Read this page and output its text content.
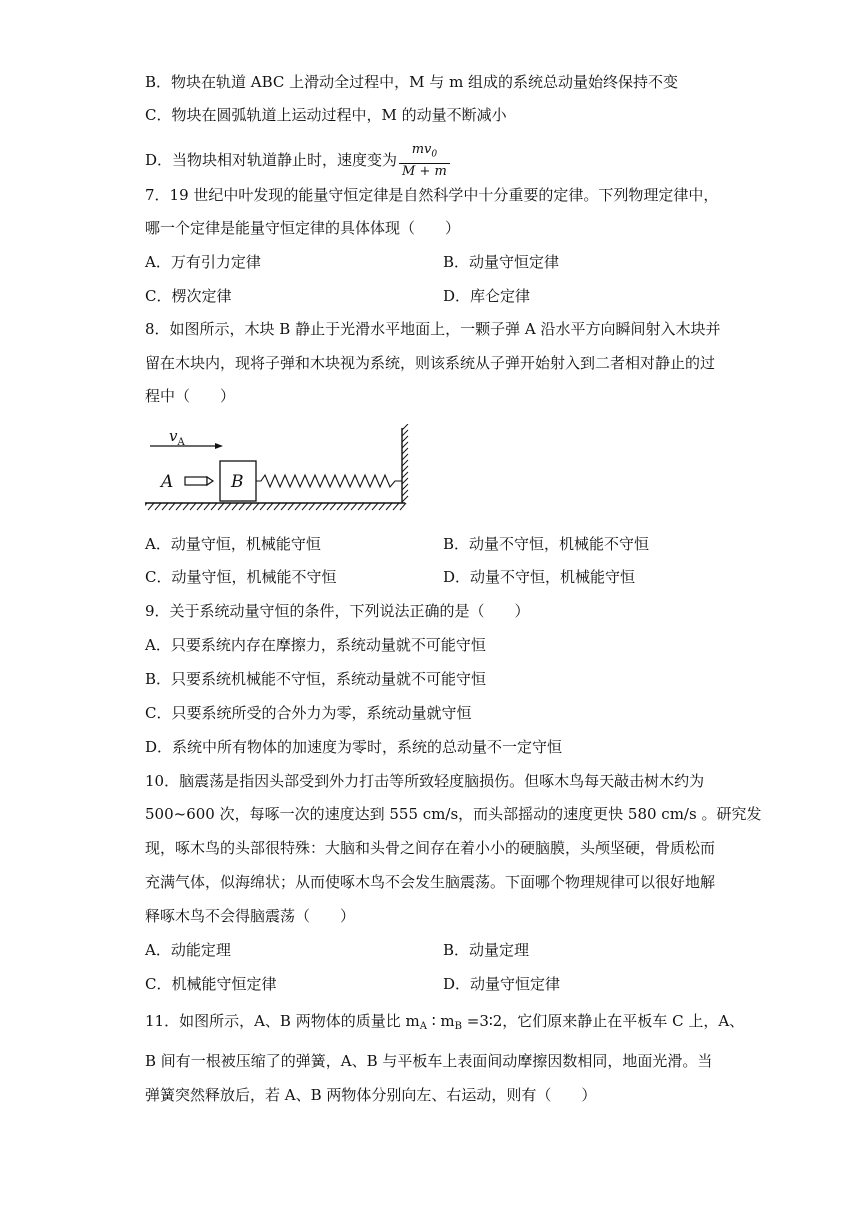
B．物块在轨道 ABC 上滑动全过程中，M 与 m 组成的系统总动量始终保持不变
C．物块在圆弧轨道上运动过程中，M 的动量不断减小
D．当物块相对轨道静止时，速度变为 $\frac{mv_0}{M + m}$
7．19 世纪中叶发现的能量守恒定律是自然科学中十分重要的定律。下列物理定律中，
哪一个定律是能量守恒定律的具体体现（　　）
A．万有引力定律	B．动量守恒定律
C．楞次定律	D．库仑定律
8．如图所示，木块 B 静止于光滑水平地面上，一颗子弹 A 沿水平方向瞬间射入木块并
留在木块内，现将子弹和木块视为系统，则该系统从子弹开始射入到二者相对静止的过
程中（　　）
$v_A$
A	B
A．动量守恒，机械能守恒	B．动量不守恒，机械能不守恒
C．动量守恒，机械能不守恒	D．动量不守恒，机械能守恒
9．关于系统动量守恒的条件，下列说法正确的是（　　）
A．只要系统内存在摩擦力，系统动量就不可能守恒
B．只要系统机械能不守恒，系统动量就不可能守恒
C．只要系统所受的合外力为零，系统动量就守恒
D．系统中所有物体的加速度为零时，系统的总动量不一定守恒
10．脑震荡是指因头部受到外力打击等所致轻度脑损伤。但啄木鸟每天敲击树木约为
500~600 次，每啄一次的速度达到 555 cm/s，而头部摇动的速度更快 580 cm/s 。研究发
现，啄木鸟的头部很特殊：大脑和头骨之间存在着小小的硬脑膜，头颅坚硬，骨质松而
充满气体，似海绵状；从而使啄木鸟不会发生脑震荡。下面哪个物理规律可以很好地解
释啄木鸟不会得脑震荡（　　）
A．动能定理	B．动量定理
C．机械能守恒定律	D．动量守恒定律
11．如图所示，A、B 两物体的质量比 $m_A$ ∶ $m_B$ =3∶2，它们原来静止在平板车 C 上，A、
B 间有一根被压缩了的弹簧，A、B 与平板车上表面间动摩擦因数相同，地面光滑。当
弹簧突然释放后，若 A、B 两物体分别向左、右运动，则有（　　）
